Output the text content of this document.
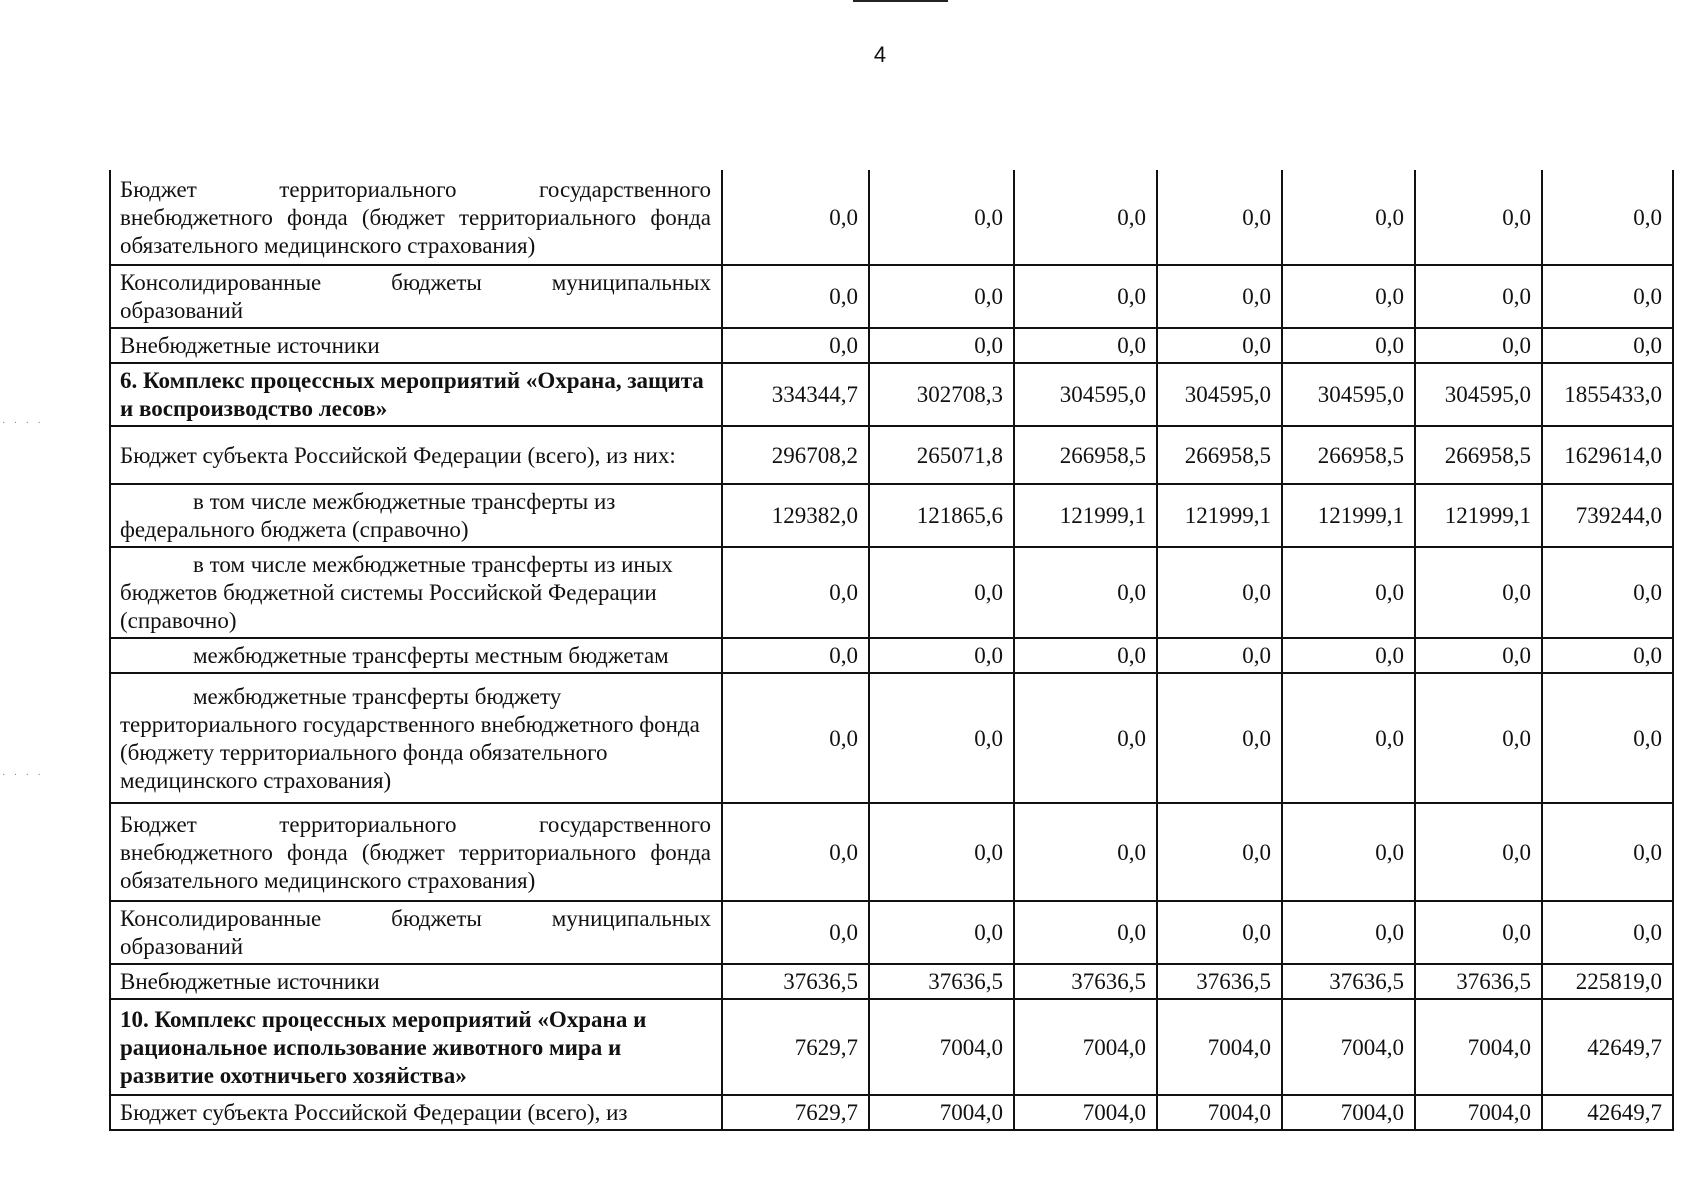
4
· · · ·
· · · ·
Бюджет территориального государственного внебюджетного фонда (бюджет территориального фонда обязательного медицинского страхования)	0,0	0,0	0,0	0,0	0,0	0,0	0,0
Консолидированные бюджеты муниципальных образований	0,0	0,0	0,0	0,0	0,0	0,0	0,0
Внебюджетные источники	0,0	0,0	0,0	0,0	0,0	0,0	0,0
6. Комплекс процессных мероприятий «Охрана, защита и воспроизводство лесов»	334344,7	302708,3	304595,0	304595,0	304595,0	304595,0	1855433,0
Бюджет субъекта Российской Федерации (всего), из них:	296708,2	265071,8	266958,5	266958,5	266958,5	266958,5	1629614,0
в том числе межбюджетные трансферты из федерального бюджета (справочно)	129382,0	121865,6	121999,1	121999,1	121999,1	121999,1	739244,0
в том числе межбюджетные трансферты из иных бюджетов бюджетной системы Российской Федерации (справочно)	0,0	0,0	0,0	0,0	0,0	0,0	0,0
межбюджетные трансферты местным бюджетам	0,0	0,0	0,0	0,0	0,0	0,0	0,0
межбюджетные трансферты бюджету территориального государственного внебюджетного фонда (бюджету территориального фонда обязательного медицинского страхования)	0,0	0,0	0,0	0,0	0,0	0,0	0,0
Бюджет территориального государственного внебюджетного фонда (бюджет территориального фонда обязательного медицинского страхования)	0,0	0,0	0,0	0,0	0,0	0,0	0,0
Консолидированные бюджеты муниципальных образований	0,0	0,0	0,0	0,0	0,0	0,0	0,0
Внебюджетные источники	37636,5	37636,5	37636,5	37636,5	37636,5	37636,5	225819,0
10. Комплекс процессных мероприятий «Охрана и рациональное использование животного мира и развитие охотничьего хозяйства»	7629,7	7004,0	7004,0	7004,0	7004,0	7004,0	42649,7
Бюджет субъекта Российской Федерации (всего), из	7629,7	7004,0	7004,0	7004,0	7004,0	7004,0	42649,7
